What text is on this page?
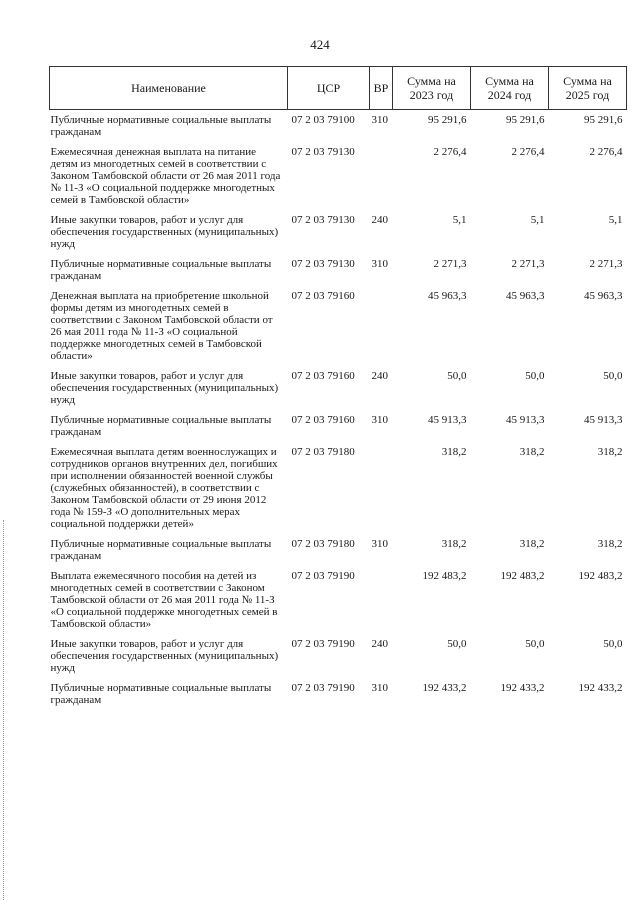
424
Наименование	ЦСР	ВР	Сумма на 2023 год	Сумма на 2024 год	Сумма на 2025 год
Публичные нормативные социальные выплаты гражданам	07 2 03 79100	310	95 291,6	95 291,6	95 291,6
Ежемесячная денежная выплата на питание детям из многодетных семей в соответствии с Законом Тамбовской области от 26 мая 2011 года № 11-З «О социальной поддержке многодетных семей в Тамбовской области»	07 2 03 79130		2 276,4	2 276,4	2 276,4
Иные закупки товаров, работ и услуг для обеспечения государственных (муниципальных) нужд	07 2 03 79130	240	5,1	5,1	5,1
Публичные нормативные социальные выплаты гражданам	07 2 03 79130	310	2 271,3	2 271,3	2 271,3
Денежная выплата на приобретение школьной формы детям из многодетных семей в соответствии с Законом Тамбовской области от 26 мая 2011 года № 11-З «О социальной поддержке многодетных семей в Тамбовской области»	07 2 03 79160		45 963,3	45 963,3	45 963,3
Иные закупки товаров, работ и услуг для обеспечения государственных (муниципальных) нужд	07 2 03 79160	240	50,0	50,0	50,0
Публичные нормативные социальные выплаты гражданам	07 2 03 79160	310	45 913,3	45 913,3	45 913,3
Ежемесячная выплата детям военнослужащих и сотрудников органов внутренних дел, погибших при исполнении обязанностей военной службы (служебных обязанностей), в соответствии с Законом Тамбовской области от 29 июня 2012 года № 159-З «О дополнительных мерах социальной поддержки детей»	07 2 03 79180		318,2	318,2	318,2
Публичные нормативные социальные выплаты гражданам	07 2 03 79180	310	318,2	318,2	318,2
Выплата ежемесячного пособия на детей из многодетных семей в соответствии с Законом Тамбовской области от 26 мая 2011 года № 11-З «О социальной поддержке многодетных семей в Тамбовской области»	07 2 03 79190		192 483,2	192 483,2	192 483,2
Иные закупки товаров, работ и услуг для обеспечения государственных (муниципальных) нужд	07 2 03 79190	240	50,0	50,0	50,0
Публичные нормативные социальные выплаты гражданам	07 2 03 79190	310	192 433,2	192 433,2	192 433,2
